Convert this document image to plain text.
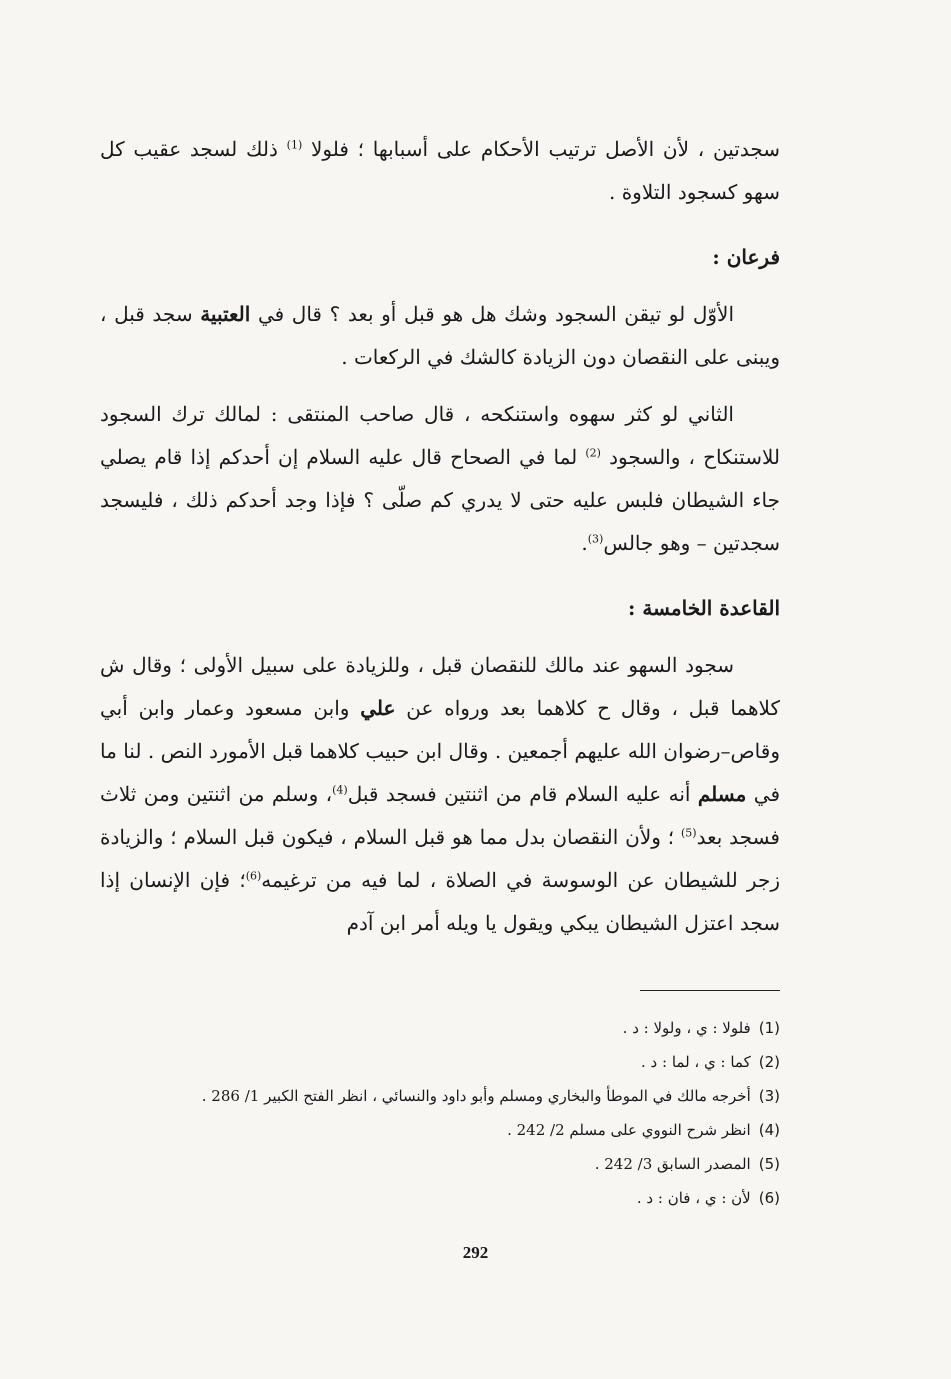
سجدتين ، لأن الأصل ترتيب الأحكام على أسبابها ؛ فلولا $^{(1)}$ ذلك لسجد عقيب كل سهو كسجود التلاوة .

فرعان :

الأوّل لو تيقن السجود وشك هل هو قبل أو بعد ؟ قال في العتبية سجد قبل ، ويبنى على النقصان دون الزيادة كالشك في الركعات .

الثاني لو كثر سهوه واستنكحه ، قال صاحب المنتقى : لمالك ترك السجود للاستنكاح ، والسجود $^{(2)}$ لما في الصحاح قال عليه السلام إن أحدكم إذا قام يصلي جاء الشيطان فلبس عليه حتى لا يدري كم صلّى ؟ فإذا وجد أحدكم ذلك ، فليسجد سجدتين – وهو جالس$^{(3)}$.

القاعدة الخامسة :

سجود السهو عند مالك للنقصان قبل ، وللزيادة على سبيل الأولى ؛ وقال ش كلاهما قبل ، وقال ح كلاهما بعد ورواه عن علي وابن مسعود وعمار وابن أبي وقاص–رضوان الله عليهم أجمعين . وقال ابن حبيب كلاهما قبل الأمورد النص . لنا ما في مسلم أنه عليه السلام قام من اثنتين فسجد قبل$^{(4)}$، وسلم من اثنتين ومن ثلاث فسجد بعد$^{(5)}$ ؛ ولأن النقصان بدل مما هو قبل السلام ، فيكون قبل السلام ؛ والزيادة زجر للشيطان عن الوسوسة في الصلاة ، لما فيه من ترغيمه$^{(6)}$؛ فإن الإنسان إذا سجد اعتزل الشيطان يبكي ويقول يا ويله أمر ابن آدم

(1)فلولا : ي ، ولولا : د .
(2)كما : ي ، لما : د .
(3)أخرجه مالك في الموطأ والبخاري ومسلم وأبو داود والنسائي ، انظر الفتح الكبير 1/ 286 .
(4)انظر شرح النووي على مسلم 2/ 242 .
(5)المصدر السابق 3/ 242 .
(6)لأن : ي ، فان : د .
292
